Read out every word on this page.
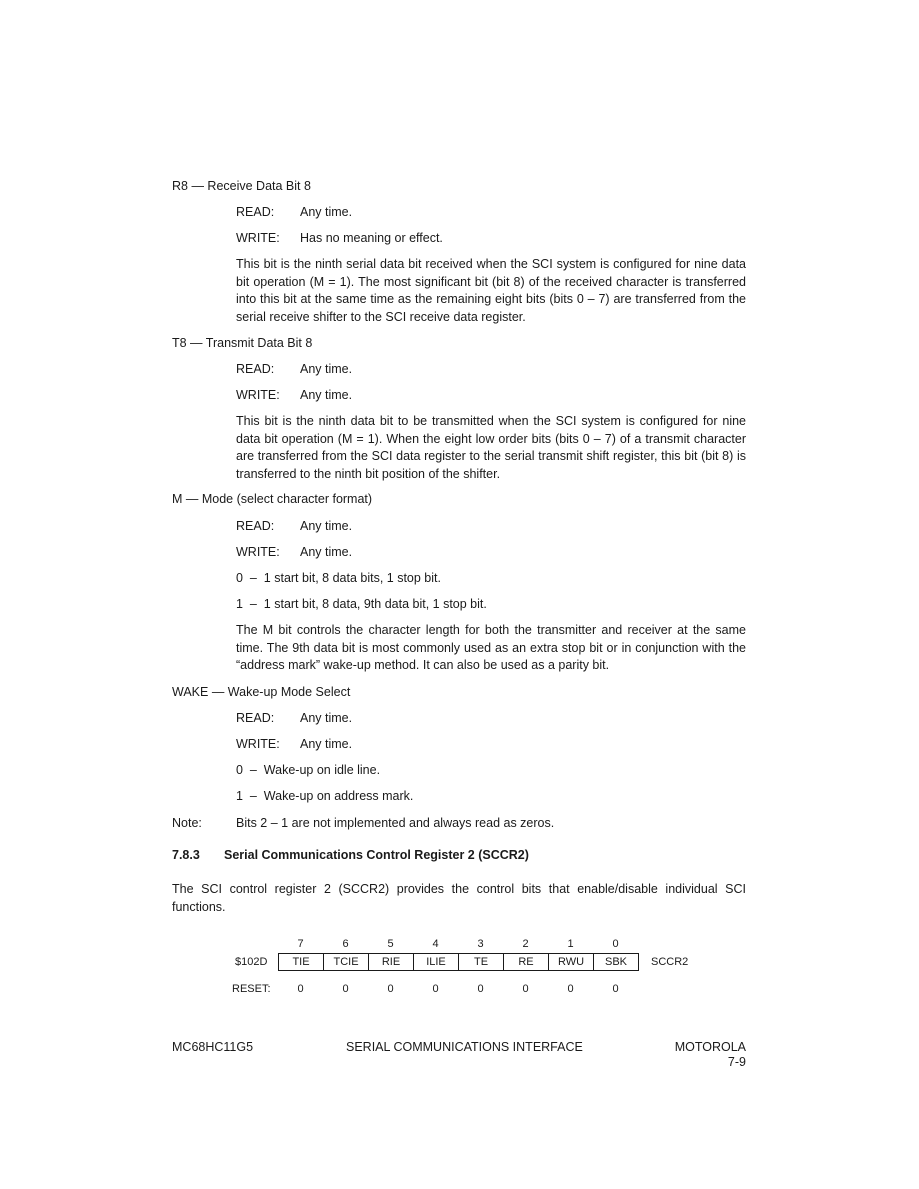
R8 — Receive Data Bit 8
READ: Any time.
WRITE: Has no meaning or effect.
This bit is the ninth serial data bit received when the SCI system is configured for nine data bit operation (M = 1). The most significant bit (bit 8) of the received character is transferred into this bit at the same time as the remaining eight bits (bits 0 – 7) are transferred from the serial receive shifter to the SCI receive data register.
T8 — Transmit Data Bit 8
READ: Any time.
WRITE: Any time.
This bit is the ninth data bit to be transmitted when the SCI system is configured for nine data bit operation (M = 1). When the eight low order bits (bits 0 – 7) of a transmit character are transferred from the SCI data register to the serial transmit shift register, this bit (bit 8) is transferred to the ninth bit position of the shifter.
M — Mode (select character format)
READ: Any time.
WRITE: Any time.
0  –  1 start bit, 8 data bits, 1 stop bit.
1  –  1 start bit, 8 data, 9th data bit, 1 stop bit.
The M bit controls the character length for both the transmitter and receiver at the same time. The 9th data bit is most commonly used as an extra stop bit or in conjunction with the “address mark” wake-up method. It can also be used as a parity bit.
WAKE — Wake-up Mode Select
READ: Any time.
WRITE: Any time.
0  –  Wake-up on idle line.
1  –  Wake-up on address mark.
Note:	Bits 2 – 1 are not implemented and always read as zeros.
7.8.3 Serial Communications Control Register 2 (SCCR2)
The SCI control register 2 (SCCR2) provides the control bits that enable/disable individual SCI functions.
7	6	5	4	3	2	1	0
$102D TIE	TCIE	RIE	ILIE	TE	RE	RWU	SBK SCCR2
RESET:	0	0	0	0	0	0	0	0
MC68HC11G5	SERIAL COMMUNICATIONS INTERFACE	MOTOROLA
7-9
